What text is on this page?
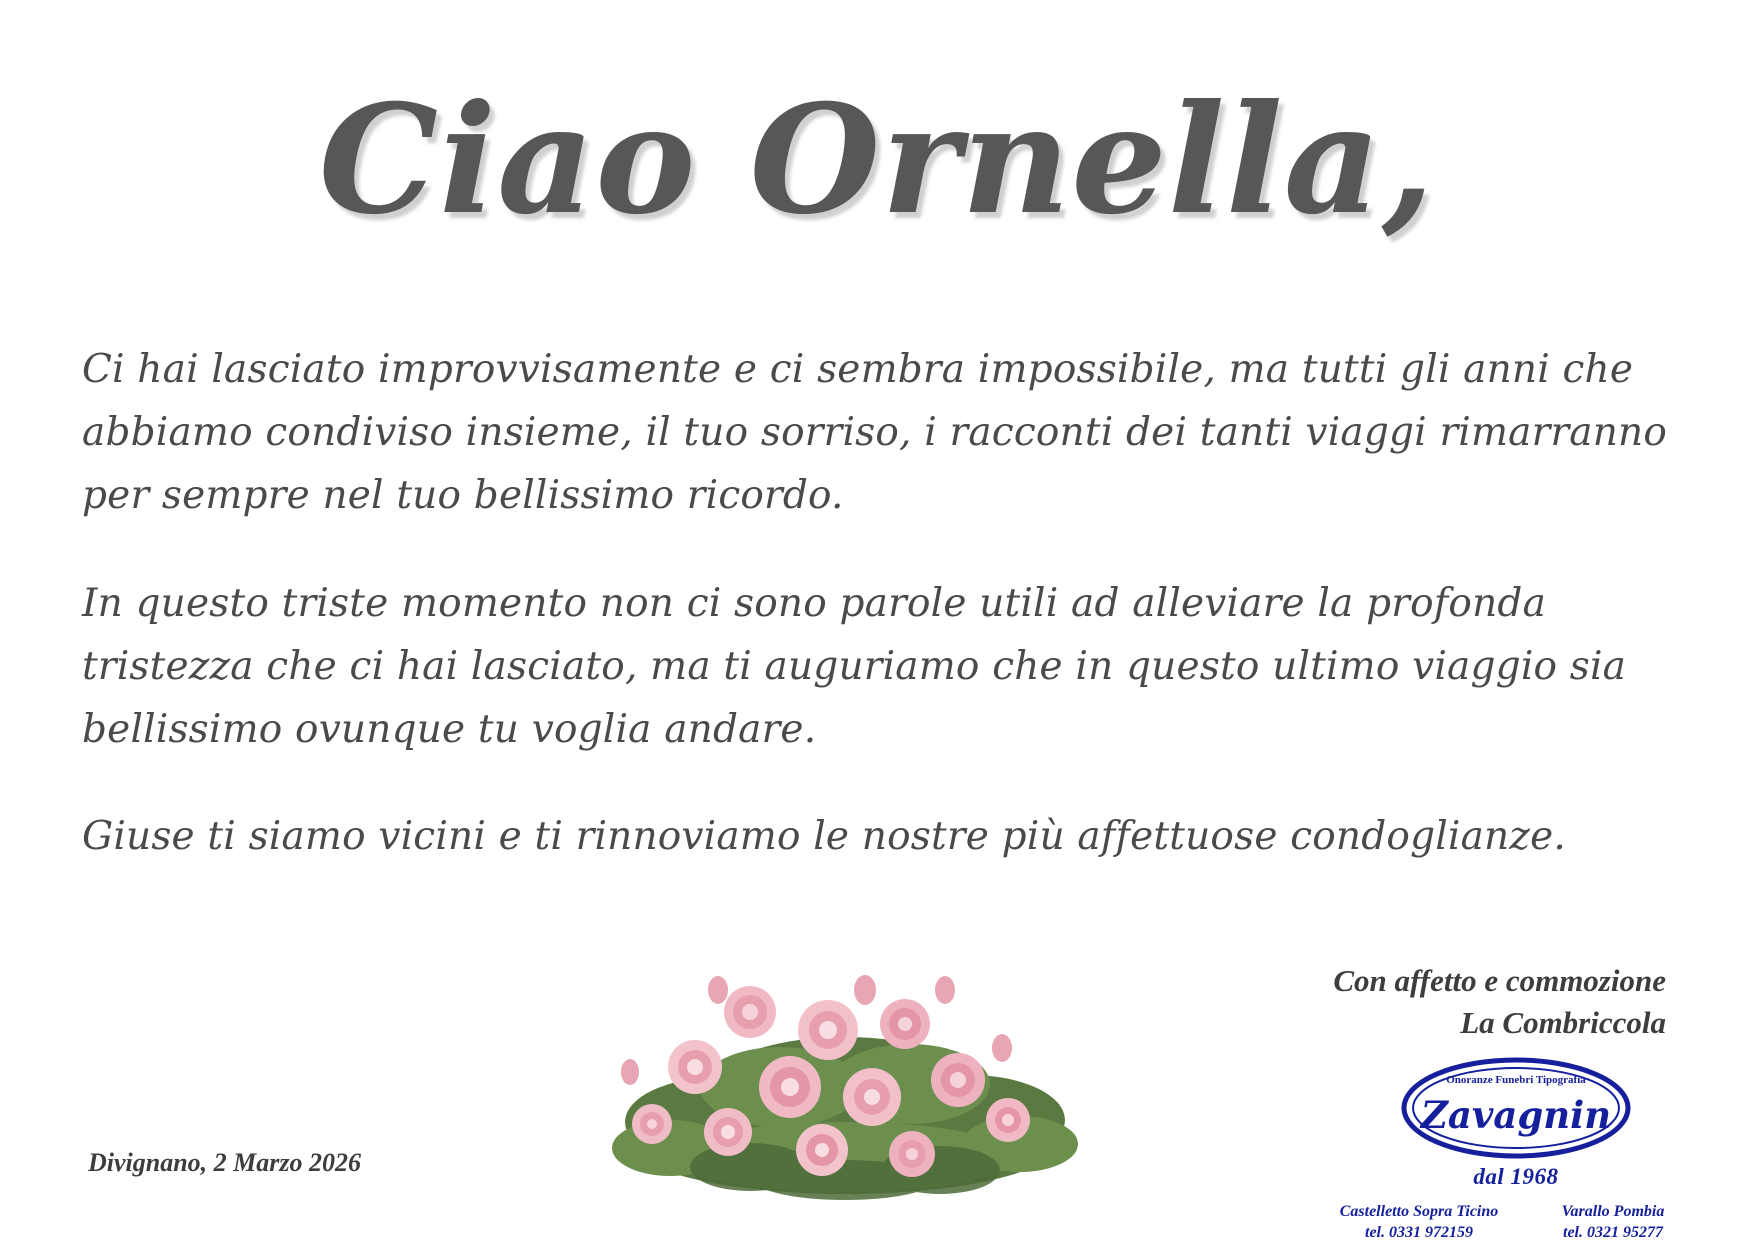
Ciao Ornella,

Ci hai lasciato improvvisamente e ci sembra impossibile, ma tutti gli anni che abbiamo condiviso insieme, il tuo sorriso, i racconti dei tanti viaggi rimarranno per sempre nel tuo bellissimo ricordo.

In questo triste momento non ci sono parole utili ad alleviare la profonda tristezza che ci hai lasciato, ma ti auguriamo che in questo ultimo viaggio sia bellissimo ovunque tu voglia andare.

Giuse ti siamo vicini e ti rinnoviamo le nostre più affettuose condoglianze.

Con affetto e commozione
La Combriccola
Divignano, 2 Marzo 2026
Onoranze Funebri Tipografia
Zavagnin
dal 1968
Castelletto Sopra Ticino
tel. 0331 972159
Varallo Pombia
tel. 0321 95277
